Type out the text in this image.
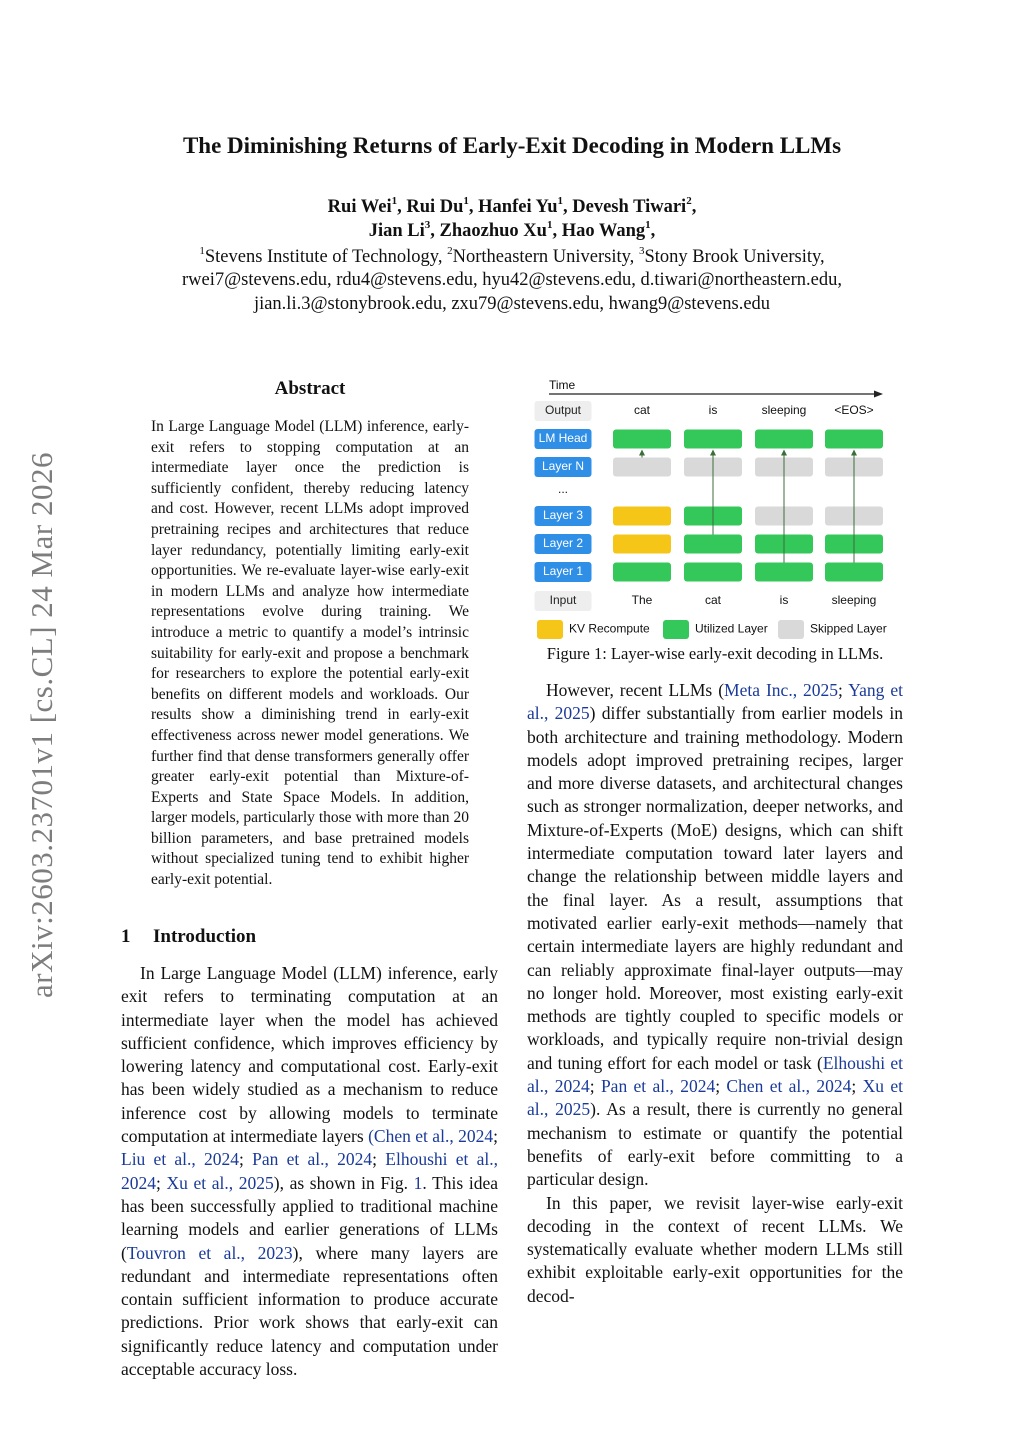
arXiv:2603.23701v1 [cs.CL] 24 Mar 2026
The Diminishing Returns of Early-Exit Decoding in Modern LLMs
Rui Wei$^1$, Rui Du$^1$, Hanfei Yu$^1$, Devesh Tiwari$^2$,
Jian Li$^3$, Zhaozhuo Xu$^1$, Hao Wang$^1$,
$^1$Stevens Institute of Technology, $^2$Northeastern University, $^3$Stony Brook University,
rwei7@stevens.edu, rdu4@stevens.edu, hyu42@stevens.edu, d.tiwari@northeastern.edu,
jian.li.3@stonybrook.edu, zxu79@stevens.edu, hwang9@stevens.edu
Abstract
In Large Language Model (LLM) inference, early-exit refers to stopping computation at an intermediate layer once the prediction is sufficiently confident, thereby reducing latency and cost. However, recent LLMs adopt improved pretraining recipes and architectures that reduce layer redundancy, potentially limiting early-exit opportunities. We re-evaluate layer-wise early-exit in modern LLMs and analyze how intermediate representations evolve during training. We introduce a metric to quantify a model’s intrinsic suitability for early-exit and propose a benchmark for researchers to explore the potential early-exit benefits on different models and workloads. Our results show a diminishing trend in early-exit effectiveness across newer model generations. We further find that dense transformers generally offer greater early-exit potential than Mixture-of-Experts and State Space Models. In addition, larger models, particularly those with more than 20 billion parameters, and base pretrained models without specialized tuning tend to exhibit higher early-exit potential.
1 Introduction

In Large Language Model (LLM) inference, early exit refers to terminating computation at an intermediate layer when the model has achieved sufficient confidence, which improves efficiency by lowering latency and computational cost. Early-exit has been widely studied as a mechanism to reduce inference cost by allowing models to terminate computation at intermediate layers (Chen et al., 2024; Liu et al., 2024; Pan et al., 2024; Elhoushi et al., 2024; Xu et al., 2025), as shown in Fig. 1. This idea has been successfully applied to traditional machine learning models and earlier generations of LLMs (Touvron et al., 2023), where many layers are redundant and intermediate representations often contain sufficient information to produce accurate predictions. Prior work shows that early-exit can significantly reduce latency and computation under acceptable accuracy loss.

Time
Output
LM Head
Layer N
...
Layer 3
Layer 2
Layer 1
Input
cat	is	sleeping <EOS>
The	cat	is	sleeping
KV Recompute	Utilized Layer	Skipped Layer
Figure 1: Layer-wise early-exit decoding in LLMs.

However, recent LLMs (Meta Inc., 2025; Yang et al., 2025) differ substantially from earlier models in both architecture and training methodology. Modern models adopt improved pretraining recipes, larger and more diverse datasets, and architectural changes such as stronger normalization, deeper networks, and Mixture-of-Experts (MoE) designs, which can shift intermediate computation toward later layers and change the relationship between middle layers and the final layer. As a result, assumptions that motivated earlier early-exit methods—namely that certain intermediate layers are highly redundant and can reliably approximate final-layer outputs—may no longer hold. Moreover, most existing early-exit methods are tightly coupled to specific models or workloads, and typically require non-trivial design and tuning effort for each model or task (Elhoushi et al., 2024; Pan et al., 2024; Chen et al., 2024; Xu et al., 2025). As a result, there is currently no general mechanism to estimate or quantify the potential benefits of early-exit before committing to a particular design.

In this paper, we revisit layer-wise early-exit decoding in the context of recent LLMs. We systematically evaluate whether modern LLMs still exhibit exploitable early-exit opportunities for the decod-
